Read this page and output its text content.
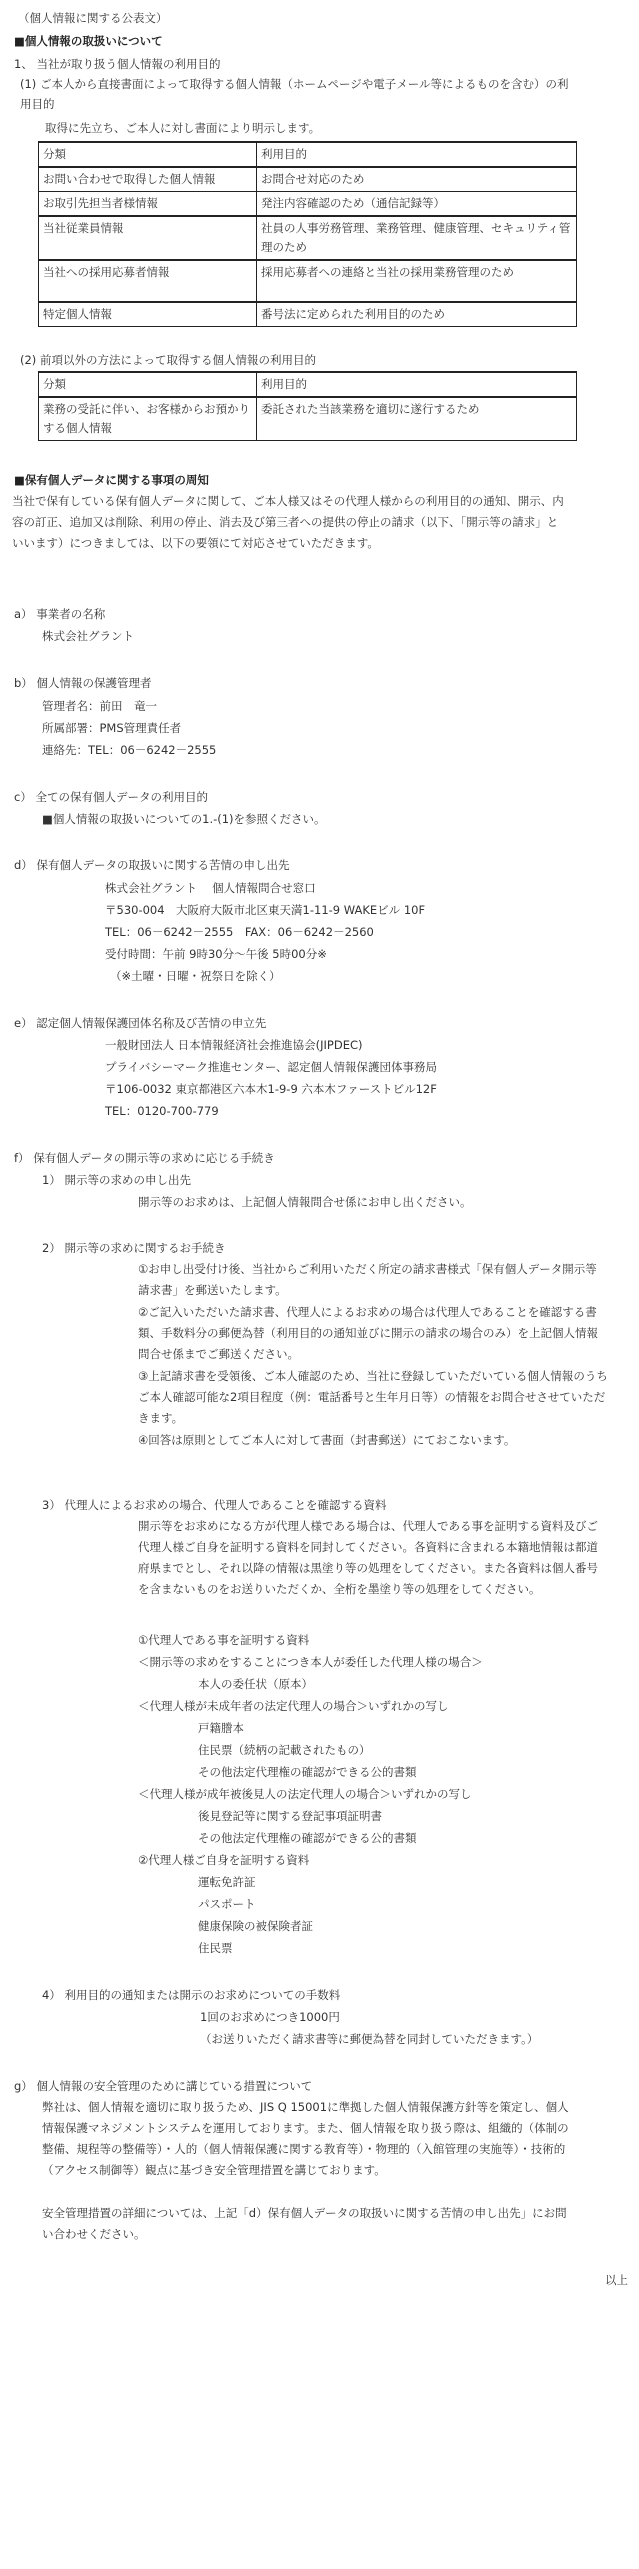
（個人情報に関する公表文）
■個人情報の取扱いについて
1、 当社が取り扱う個人情報の利用目的
(1) ご本人から直接書面によって取得する個人情報（ホームページや電子メール等によるものを含む）の利用目的
取得に先立ち、ご本人に対し書面により明示します。
分類	利用目的
お問い合わせで取得した個人情報	お問合せ対応のため
お取引先担当者様情報	発注内容確認のため（通信記録等）
当社従業員情報	社員の人事労務管理、業務管理、健康管理、セキュリティ管理のため
当社への採用応募者情報	採用応募者への連絡と当社の採用業務管理のため
特定個人情報	番号法に定められた利用目的のため
(2) 前項以外の方法によって取得する個人情報の利用目的
分類	利用目的
業務の受託に伴い、お客様からお預かりする個人情報	委託された当該業務を適切に遂行するため
■保有個人データに関する事項の周知
当社で保有している保有個人データに関して、ご本人様又はその代理人様からの利用目的の通知、開示、内容の訂正、追加又は削除、利用の停止、消去及び第三者への提供の停止の請求（以下、「開示等の請求」といいます）につきましては、以下の要領にて対応させていただきます。
a） 事業者の名称
株式会社グラント
b） 個人情報の保護管理者
管理者名：前田　竜一
所属部署：PMS管理責任者
連絡先：TEL：06－6242－2555
c） 全ての保有個人データの利用目的
■個人情報の取扱いについての1.-(1)を参照ください。
d） 保有個人データの取扱いに関する苦情の申し出先
株式会社グラント　 個人情報問合せ窓口
〒530-004　大阪府大阪市北区東天満1-11-9 WAKEビル 10F
TEL：06－6242－2555　FAX：06－6242－2560
受付時間：午前 9時30分～午後 5時00分※
（※土曜・日曜・祝祭日を除く）
e） 認定個人情報保護団体名称及び苦情の申立先
一般財団法人 日本情報経済社会推進協会(JIPDEC)
プライバシーマーク推進センター、認定個人情報保護団体事務局
〒106-0032 東京都港区六本木1-9-9 六本木ファーストビル12F
TEL：0120-700-779
f） 保有個人データの開示等の求めに応じる手続き
1） 開示等の求めの申し出先
開示等のお求めは、上記個人情報問合せ係にお申し出ください。
2） 開示等の求めに関するお手続き
①お申し出受付け後、当社からご利用いただく所定の請求書様式「保有個人データ開示等請求書」を郵送いたします。
②ご記入いただいた請求書、代理人によるお求めの場合は代理人であることを確認する書類、手数料分の郵便為替（利用目的の通知並びに開示の請求の場合のみ）を上記個人情報問合せ係までご郵送ください。
③上記請求書を受領後、ご本人確認のため、当社に登録していただいている個人情報のうちご本人確認可能な2項目程度（例：電話番号と生年月日等）の情報をお問合せさせていただきます。
④回答は原則としてご本人に対して書面（封書郵送）にておこないます。
3） 代理人によるお求めの場合、代理人であることを確認する資料
開示等をお求めになる方が代理人様である場合は、代理人である事を証明する資料及びご代理人様ご自身を証明する資料を同封してください。各資料に含まれる本籍地情報は都道府県までとし、それ以降の情報は黒塗り等の処理をしてください。また各資料は個人番号を含まないものをお送りいただくか、全桁を墨塗り等の処理をしてください。
①代理人である事を証明する資料
＜開示等の求めをすることにつき本人が委任した代理人様の場合＞
本人の委任状（原本）
＜代理人様が未成年者の法定代理人の場合＞いずれかの写し
戸籍謄本
住民票（続柄の記載されたもの）
その他法定代理権の確認ができる公的書類
＜代理人様が成年被後見人の法定代理人の場合＞いずれかの写し
後見登記等に関する登記事項証明書
その他法定代理権の確認ができる公的書類
②代理人様ご自身を証明する資料
運転免許証
パスポート
健康保険の被保険者証
住民票
4） 利用目的の通知または開示のお求めについての手数料
1回のお求めにつき1000円
（お送りいただく請求書等に郵便為替を同封していただきます。）
g） 個人情報の安全管理のために講じている措置について
弊社は、個人情報を適切に取り扱うため、JIS Q 15001に準拠した個人情報保護方針等を策定し、個人情報保護マネジメントシステムを運用しております。また、個人情報を取り扱う際は、組織的（体制の整備、規程等の整備等）・人的（個人情報保護に関する教育等）・物理的（入館管理の実施等）・技術的（アクセス制御等）観点に基づき安全管理措置を講じております。
安全管理措置の詳細については、上記「d）保有個人データの取扱いに関する苦情の申し出先」にお問い合わせください。
以上
